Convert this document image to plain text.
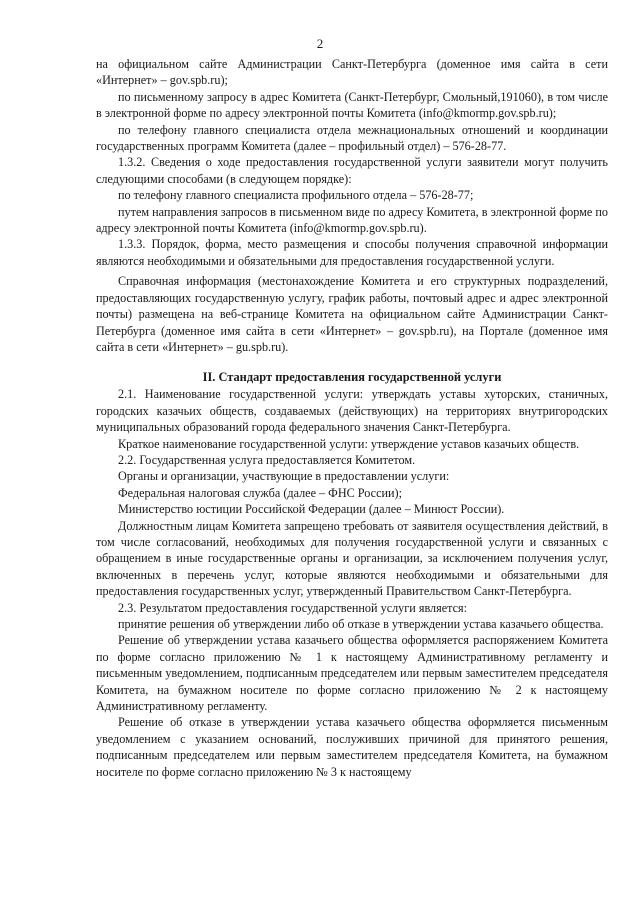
2

на официальном сайте Администрации Санкт-Петербурга (доменное имя сайта в сети «Интернет» – gov.spb.ru);

по письменному запросу в адрес Комитета (Санкт-Петербург, Смольный,191060), в том числе в электронной форме по адресу электронной почты Комитета (info@kmormp.gov.spb.ru);

по телефону главного специалиста отдела межнациональных отношений и координации государственных программ Комитета (далее – профильный отдел) – 576-28-77.

1.3.2. Сведения о ходе предоставления государственной услуги заявители могут получить следующими способами (в следующем порядке):

по телефону главного специалиста профильного отдела – 576-28-77;

путем направления запросов в письменном виде по адресу Комитета, в электронной форме по адресу электронной почты Комитета (info@kmormp.gov.spb.ru).

1.3.3. Порядок, форма, место размещения и способы получения справочной информации являются необходимыми и обязательными для предоставления государственной услуги.

Справочная информация (местонахождение Комитета и его структурных подразделений, предоставляющих государственную услугу, график работы, почтовый адрес и адрес электронной почты) размещена на веб-странице Комитета на официальном сайте Администрации Санкт-Петербурга (доменное имя сайта в сети «Интернет» – gov.spb.ru), на Портале (доменное имя сайта в сети «Интернет» – gu.spb.ru).

II. Стандарт предоставления государственной услуги

2.1. Наименование государственной услуги: утверждать уставы хуторских, станичных, городских казачьих обществ, создаваемых (действующих) на территориях внутригородских муниципальных образований города федерального значения Санкт-Петербурга.

Краткое наименование государственной услуги: утверждение уставов казачьих обществ.

2.2. Государственная услуга предоставляется Комитетом.

Органы и организации, участвующие в предоставлении услуги:

Федеральная налоговая служба (далее – ФНС России);

Министерство юстиции Российской Федерации (далее – Минюст России).

Должностным лицам Комитета запрещено требовать от заявителя осуществления действий, в том числе согласований, необходимых для получения государственной услуги и связанных с обращением в иные государственные органы и организации, за исключением получения услуг, включенных в перечень услуг, которые являются необходимыми и обязательными для предоставления государственных услуг, утвержденный Правительством Санкт-Петербурга.

2.3. Результатом предоставления государственной услуги является:

принятие решения об утверждении либо об отказе в утверждении устава казачьего общества.

Решение об утверждении устава казачьего общества оформляется распоряжением Комитета по форме согласно приложению № 1 к настоящему Административному регламенту и письменным уведомлением, подписанным председателем или первым заместителем председателя Комитета, на бумажном носителе по форме согласно приложению № 2 к настоящему Административному регламенту.

Решение об отказе в утверждении устава казачьего общества оформляется письменным уведомлением с указанием оснований, послуживших причиной для принятого решения, подписанным председателем или первым заместителем председателя Комитета, на бумажном носителе по форме согласно приложению № 3 к настоящему
